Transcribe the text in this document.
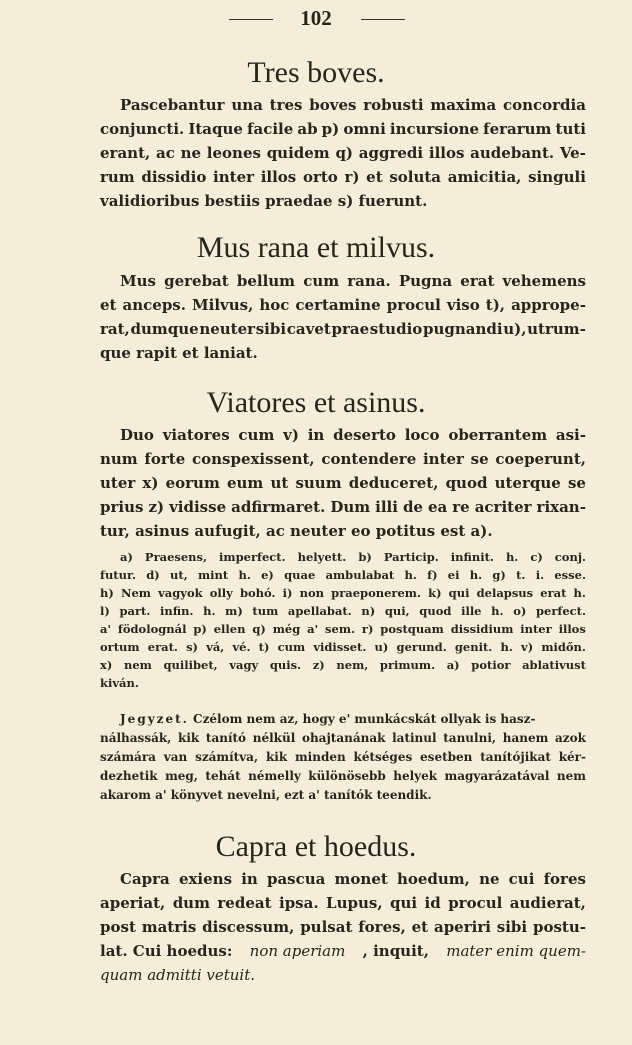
102
Tres boves.
Pascebantur una tres boves robusti maxima concordia
conjuncti. Itaque facile ab p) omni incursione ferarum tuti
erant, ac ne leones quidem q) aggredi illos audebant. Ve-
rum dissidio inter illos orto r) et soluta amicitia, singuli
validioribus bestiis praedae s) fuerunt.
Mus rana et milvus.
Mus gerebat bellum cum rana. Pugna erat vehemens
et anceps. Milvus, hoc certamine procul viso t), apprope-
rat, dumque neuter sibi cavet prae studio pugnandi u), utrum-
que rapit et laniat.
Viatores et asinus.
Duo viatores cum v) in deserto loco oberrantem asi-
num forte conspexissent, contendere inter se coeperunt,
uter x) eorum eum ut suum deduceret, quod uterque se
prius z) vidisse adfirmaret. Dum illi de ea re acriter rixan-
tur, asinus aufugit, ac neuter eo potitus est a).
a) Praesens, imperfect. helyett. b) Particip. infinit. h. c) conj.
futur. d) ut, mint h. e) quae ambulabat h. f) ei h. g) t. i. esse.
h) Nem vagyok olly bohó. i) non praeponerem. k) qui delapsus erat h.
l) part. infin. h. m) tum apellabat. n) qui, quod ille h. o) perfect.
a' födolognál p) ellen q) még a' sem. r) postquam dissidium inter illos
ortum erat. s) vá, vé. t) cum vidisset. u) gerund. genit. h. v) midőn.
x) nem quilibet, vagy quis. z) nem, primum. a) potior ablativust
kiván.
Jegyzet. Czélom nem az, hogy e' munkácskát ollyak is hasz-
nálhassák, kik tanító nélkül ohajtanának latinul tanulni, hanem azok
számára van számítva, kik minden kétséges esetben tanítójikat kér-
dezhetik meg, tehát némelly különösebb helyek magyarázatával nem
akarom a' könyvet nevelni, ezt a' tanítók teendik.
Capra et hoedus.
Capra exiens in pascua monet hoedum, ne cui fores
aperiat, dum redeat ipsa. Lupus, qui id procul audierat,
post matris discessum, pulsat fores, et aperiri sibi postu-
lat. Cui hoedus: non aperiam , inquit, mater enim quem-
quam admitti vetuit.
